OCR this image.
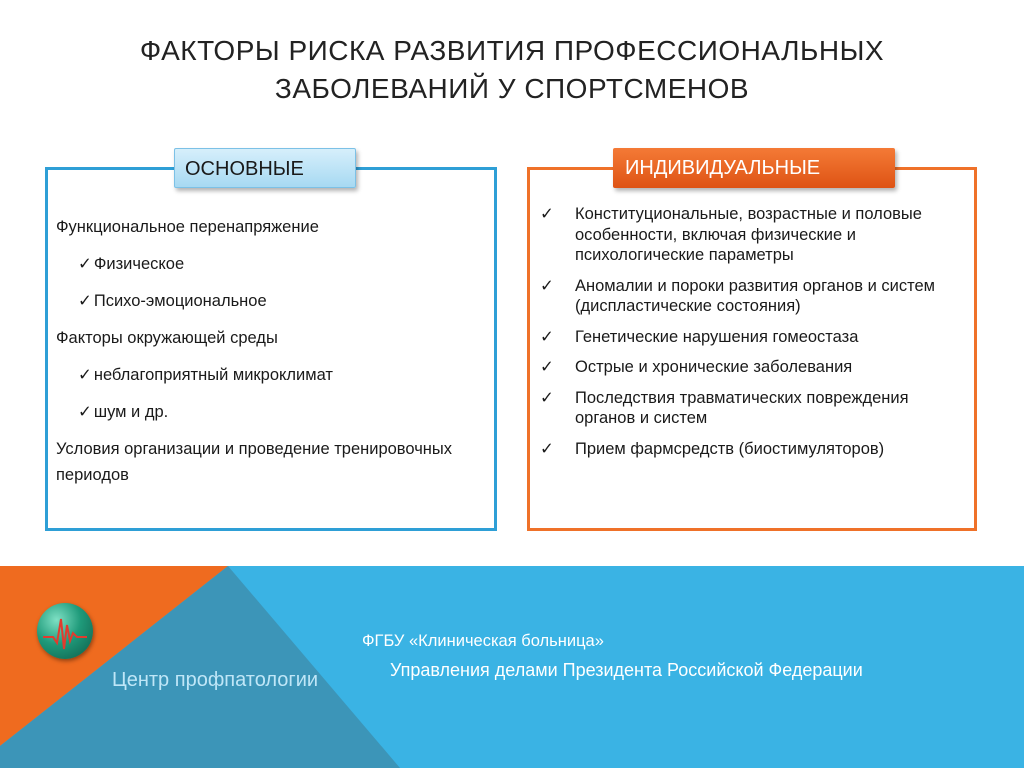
ФАКТОРЫ РИСКА РАЗВИТИЯ ПРОФЕССИОНАЛЬНЫХ
ЗАБОЛЕВАНИЙ У СПОРТСМЕНОВ
ОСНОВНЫЕ
Функциональное перенапряжение
✓ Физическое
✓ Психо-эмоциональное
Факторы окружающей среды
✓ неблагоприятный микроклимат
✓ шум и др.
Условия организации и проведение тренировочных периодов
ИНДИВИДУАЛЬНЫЕ
✓ Конституциональные, возрастные и половые особенности, включая физические и психологические параметры
✓ Аномалии и пороки развития органов и систем (диспластические состояния)
✓ Генетические нарушения гомеостаза
✓ Острые и хронические заболевания
✓ Последствия травматических повреждения органов и систем
✓ Прием фармсредств (биостимуляторов)
Центр профпатологии
ФГБУ «Клиническая больница»
Управления делами Президента Российской Федерации
